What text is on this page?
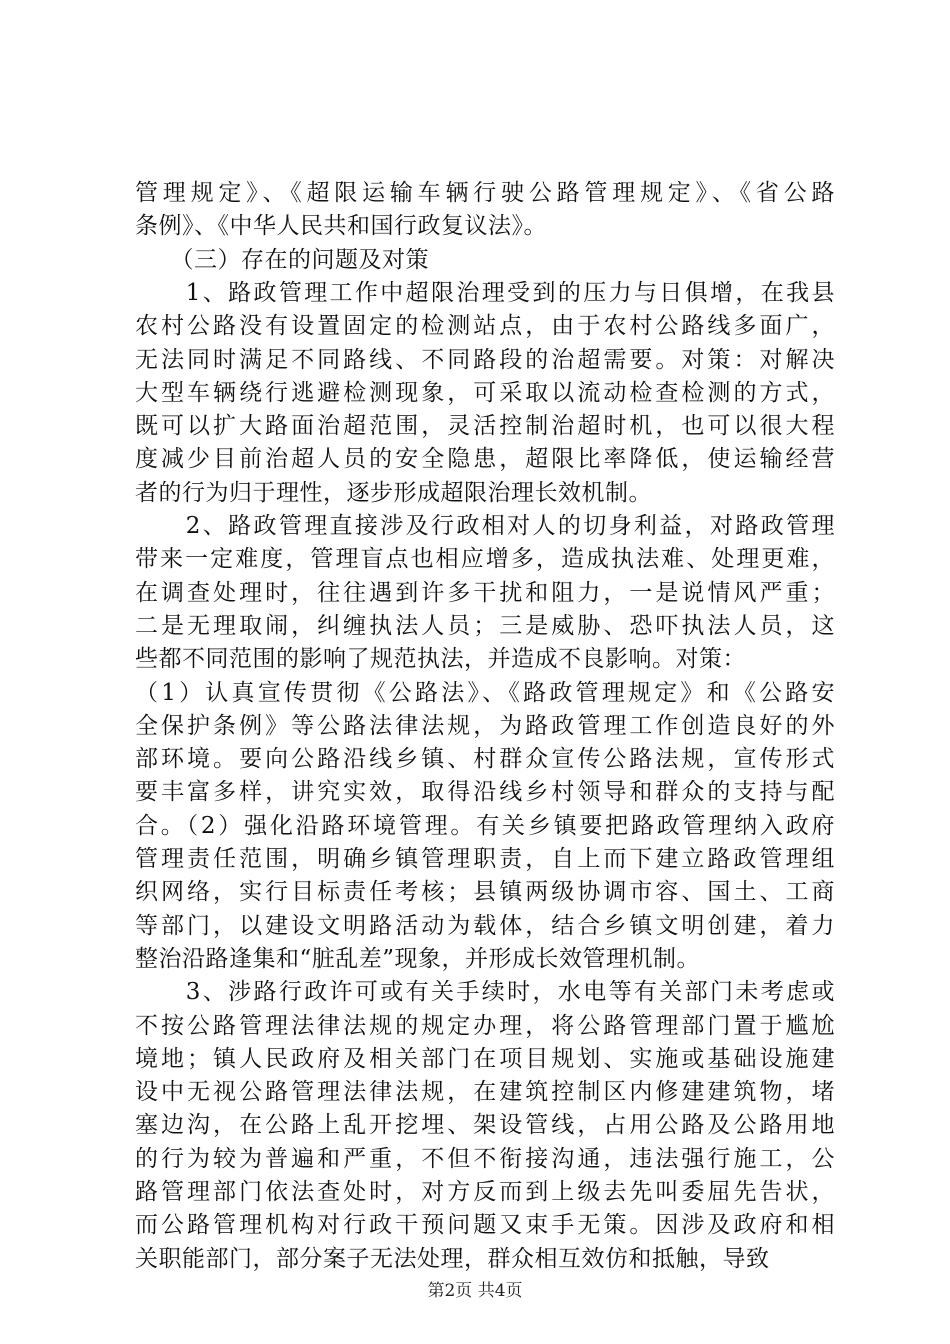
管理规定》、《超限运输车辆行驶公路管理规定》、《省公路
条例》、《中华人民共和国行政复议法》。
　　（三）存在的问题及对策
　　1、路政管理工作中超限治理受到的压力与日俱增，在我县
农村公路没有设置固定的检测站点，由于农村公路线多面广，
无法同时满足不同路线、不同路段的治超需要。对策：对解决
大型车辆绕行逃避检测现象，可采取以流动检查检测的方式，
既可以扩大路面治超范围，灵活控制治超时机，也可以很大程
度减少目前治超人员的安全隐患，超限比率降低，使运输经营
者的行为归于理性，逐步形成超限治理长效机制。
　　2、路政管理直接涉及行政相对人的切身利益，对路政管理
带来一定难度，管理盲点也相应增多，造成执法难、处理更难，
在调查处理时，往往遇到许多干扰和阻力，一是说情风严重；
二是无理取闹，纠缠执法人员；三是威胁、恐吓执法人员，这
些都不同范围的影响了规范执法，并造成不良影响。对策：
（1）认真宣传贯彻《公路法》、《路政管理规定》和《公路安
全保护条例》等公路法律法规，为路政管理工作创造良好的外
部环境。要向公路沿线乡镇、村群众宣传公路法规，宣传形式
要丰富多样，讲究实效，取得沿线乡村领导和群众的支持与配
合。（2）强化沿路环境管理。有关乡镇要把路政管理纳入政府
管理责任范围，明确乡镇管理职责，自上而下建立路政管理组
织网络，实行目标责任考核；县镇两级协调市容、国土、工商
等部门，以建设文明路活动为载体，结合乡镇文明创建，着力
整治沿路逢集和“脏乱差”现象，并形成长效管理机制。
　　3、涉路行政许可或有关手续时，水电等有关部门未考虑或
不按公路管理法律法规的规定办理，将公路管理部门置于尴尬
境地；镇人民政府及相关部门在项目规划、实施或基础设施建
设中无视公路管理法律法规，在建筑控制区内修建建筑物，堵
塞边沟，在公路上乱开挖埋、架设管线，占用公路及公路用地
的行为较为普遍和严重，不但不衔接沟通，违法强行施工，公
路管理部门依法查处时，对方反而到上级去先叫委屈先告状，
而公路管理机构对行政干预问题又束手无策。因涉及政府和相
关职能部门，部分案子无法处理，群众相互效仿和抵触，导致
第2页 共4页
